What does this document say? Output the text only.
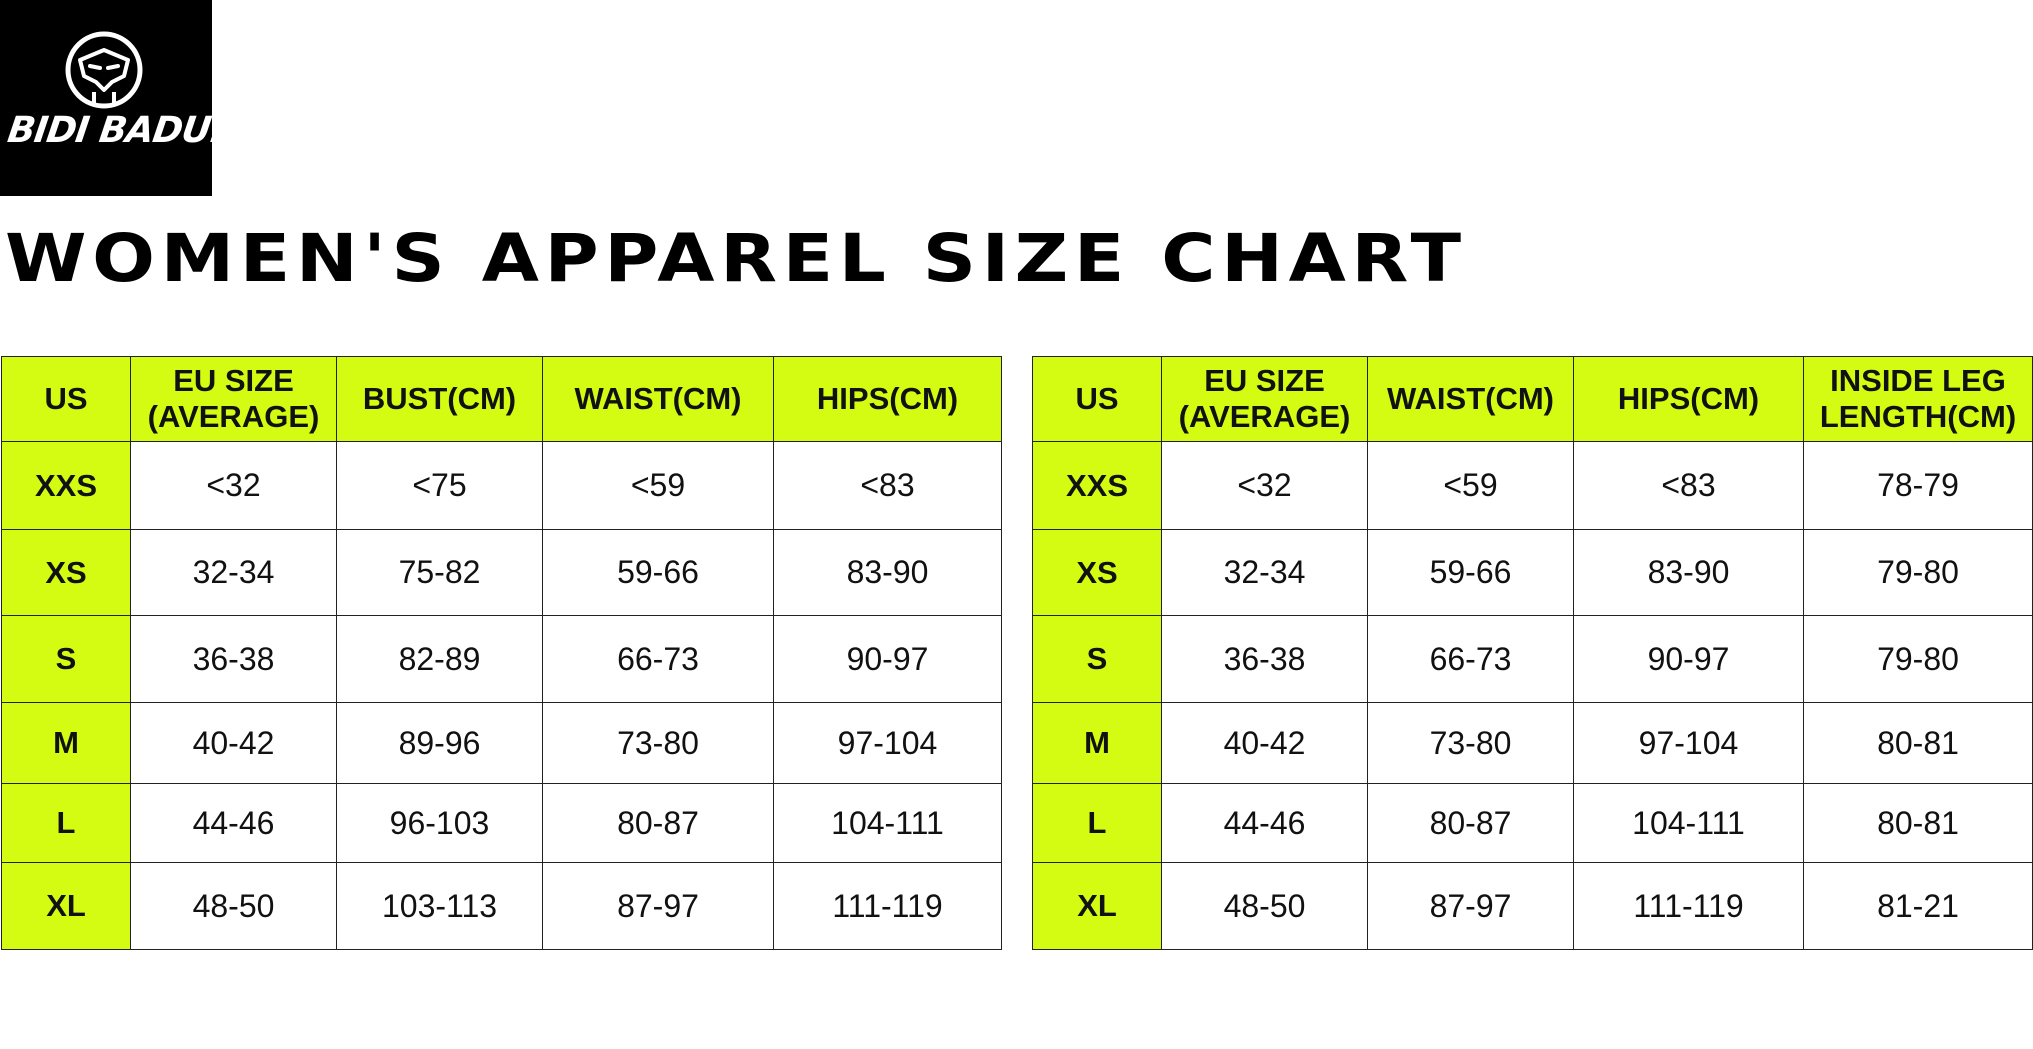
BIDI BADU.
WOMEN'S APPAREL SIZE CHART
US	EU SIZE (AVERAGE)	BUST(CM)	WAIST(CM)	HIPS(CM)
XXS	<32	<75	<59	<83
XS	32-34	75-82	59-66	83-90
S	36-38	82-89	66-73	90-97
M	40-42	89-96	73-80	97-104
L	44-46	96-103	80-87	104-111
XL	48-50	103-113	87-97	111-119
US	EU SIZE (AVERAGE)	WAIST(CM)	HIPS(CM)	INSIDE LEG LENGTH(CM)
XXS	<32	<59	<83	78-79
XS	32-34	59-66	83-90	79-80
S	36-38	66-73	90-97	79-80
M	40-42	73-80	97-104	80-81
L	44-46	80-87	104-111	80-81
XL	48-50	87-97	111-119	81-21
